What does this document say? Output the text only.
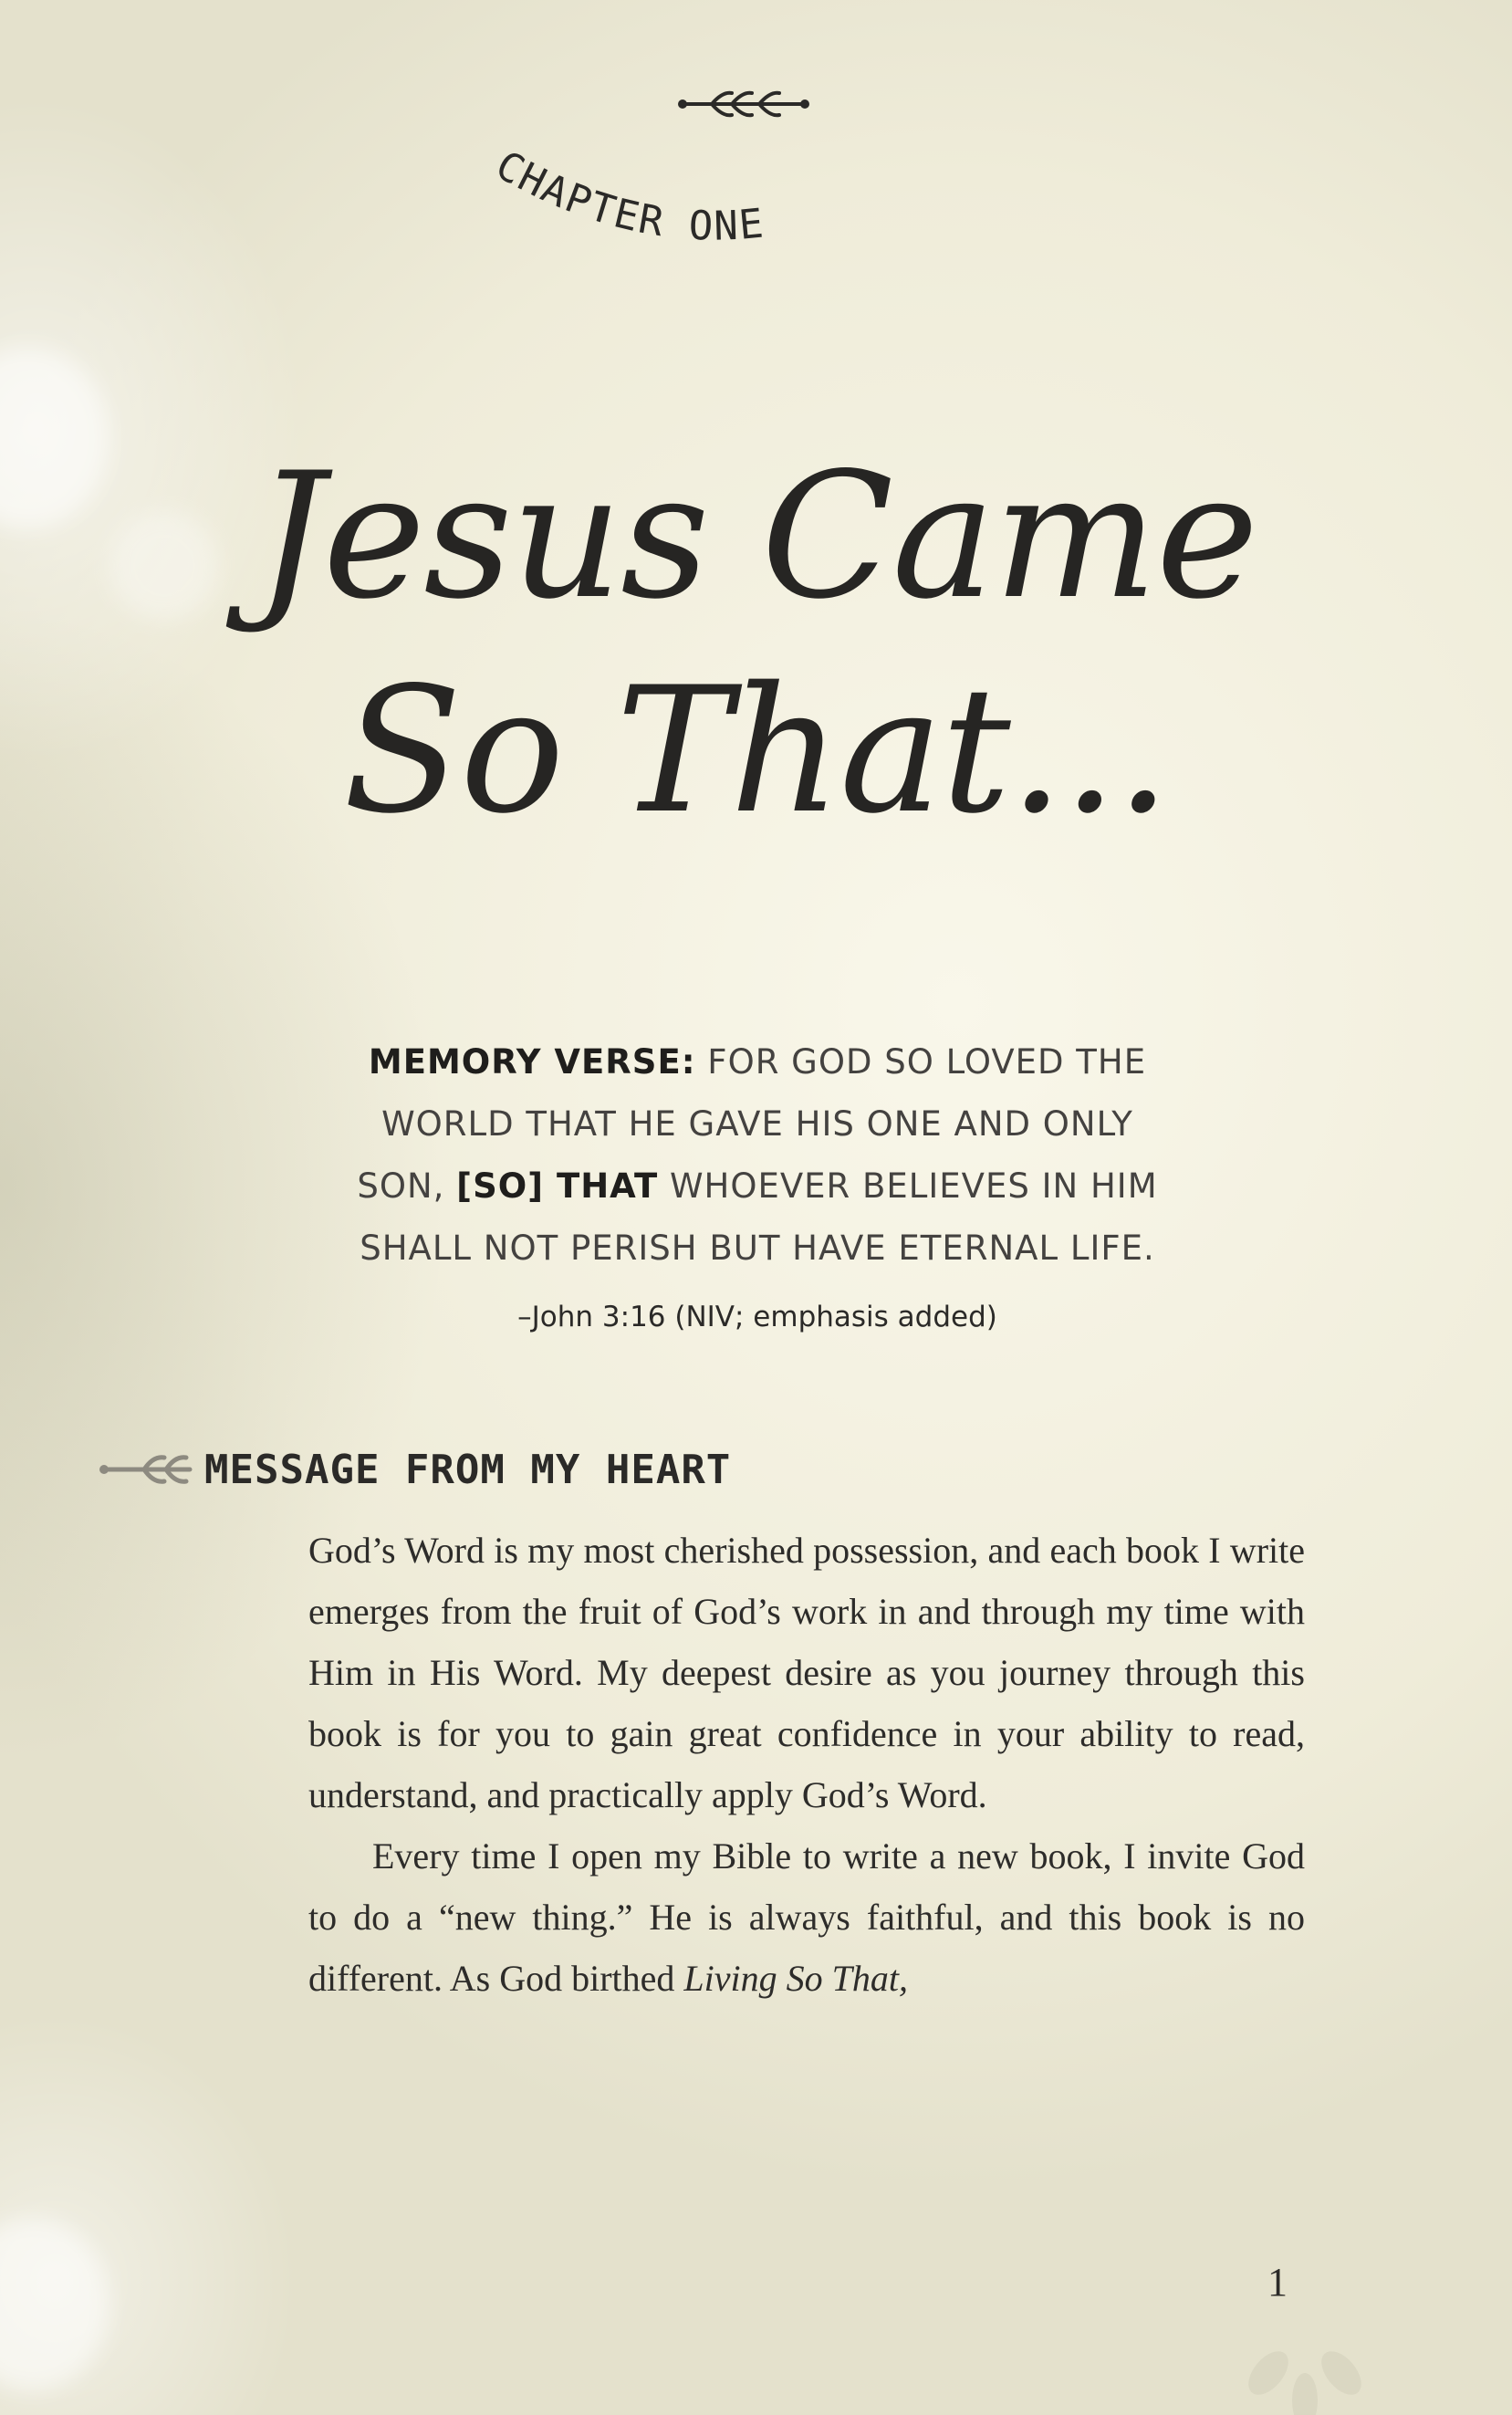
CHAPTER ONE
Jesus Came
So That...
MEMORY VERSE: FOR GOD SO LOVED THE
WORLD THAT HE GAVE HIS ONE AND ONLY
SON, [SO] THAT WHOEVER BELIEVES IN HIM
SHALL NOT PERISH BUT HAVE ETERNAL LIFE.
–John 3:16 (NIV; emphasis added)
MESSAGE FROM MY HEART

God’s Word is my most cherished possession, and each book I write emerges from the fruit of God’s work in and through my time with Him in His Word. My deepest desire as you journey through this book is for you to gain great confidence in your ability to read, understand, and practically apply God’s Word.

Every time I open my Bible to write a new book, I invite God to do a “new thing.” He is always faithful, and this book is no different. As God birthed Living So That,

1
